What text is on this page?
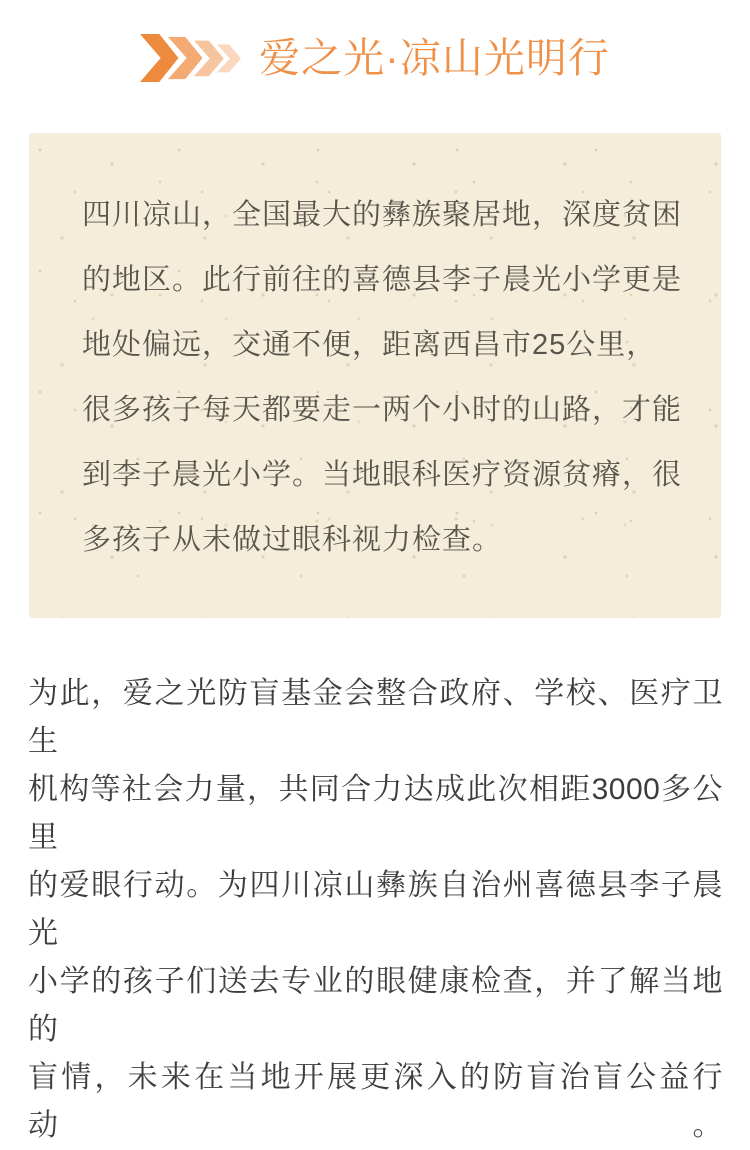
爱之光·凉山光明行
四川凉山，全国最大的彝族聚居地，深度贫困
的地区。此行前往的喜德县李子晨光小学更是
地处偏远，交通不便，距离西昌市25公里，
很多孩子每天都要走一两个小时的山路，才能
到李子晨光小学。当地眼科医疗资源贫瘠，很
多孩子从未做过眼科视力检查。
为此，爱之光防盲基金会整合政府、学校、医疗卫生
机构等社会力量，共同合力达成此次相距3000多公里
的爱眼行动。为四川凉山彝族自治州喜德县李子晨光
小学的孩子们送去专业的眼健康检查，并了解当地的
盲情，未来在当地开展更深入的防盲治盲公益行动。
